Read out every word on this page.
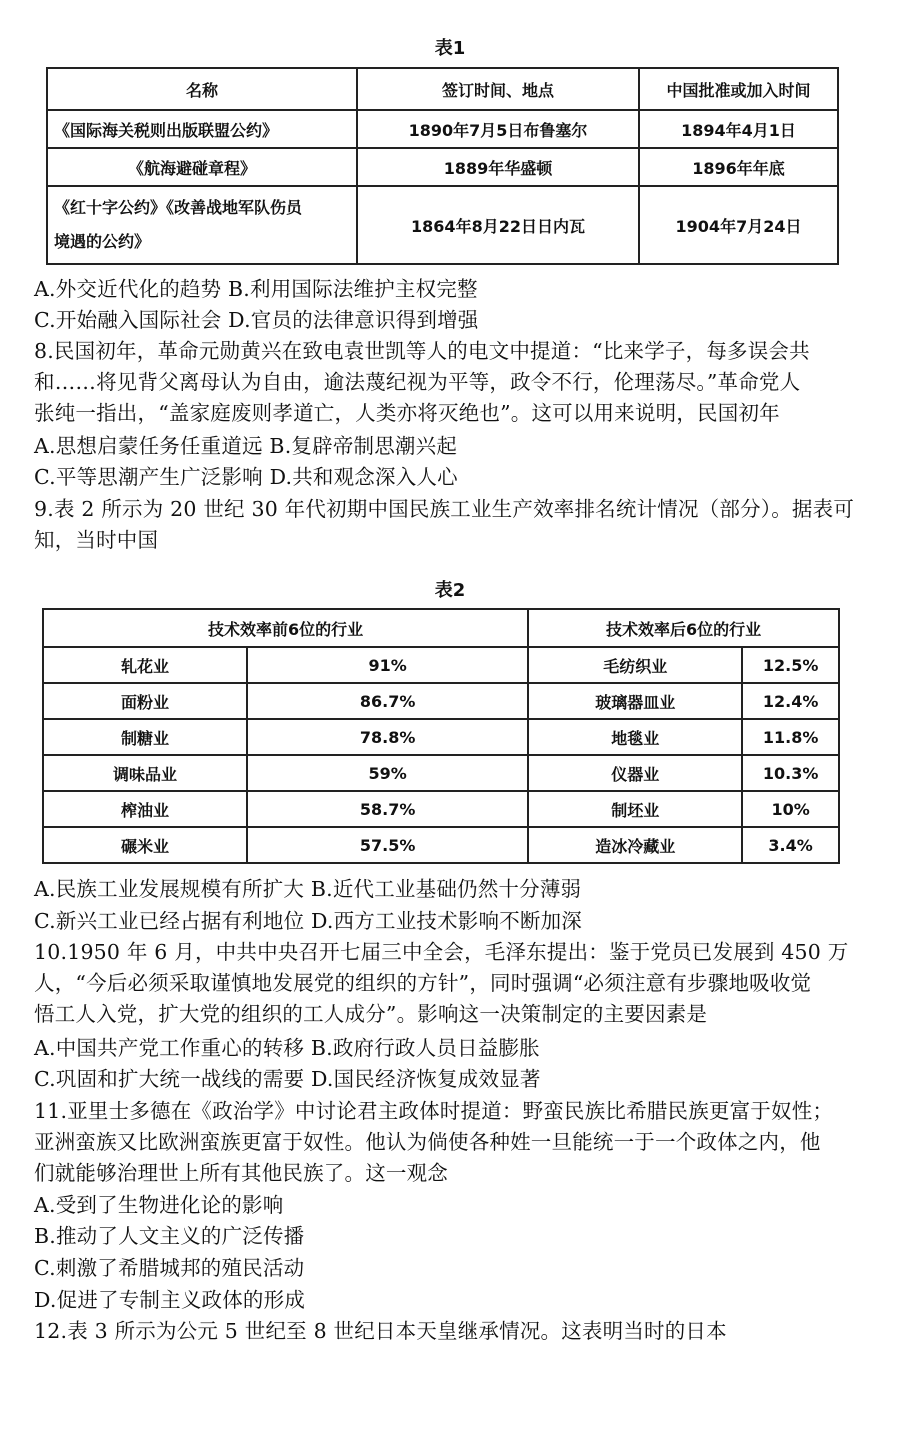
表1
名称	签订时间、地点	中国批准或加入时间
《国际海关税则出版联盟公约》	1890年7月5日布鲁塞尔	1894年4月1日
《航海避碰章程》	1889年华盛顿	1896年年底
《红十字公约》《改善战地军队伤员
境遇的公约》	1864年8月22日日内瓦	1904年7月24日
A.外交近代化的趋势 B.利用国际法维护主权完整
C.开始融入国际社会 D.官员的法律意识得到增强
8.民国初年，革命元勋黄兴在致电袁世凯等人的电文中提道：“比来学子，每多误会共
和……将见背父离母认为自由，逾法蔑纪视为平等，政令不行，伦理荡尽。”革命党人
张纯一指出，“盖家庭废则孝道亡，人类亦将灭绝也”。这可以用来说明，民国初年
A.思想启蒙任务任重道远 B.复辟帝制思潮兴起
C.平等思潮产生广泛影响 D.共和观念深入人心
9.表 2 所示为 20 世纪 30 年代初期中国民族工业生产效率排名统计情况（部分）。据表可
知，当时中国
表2
技术效率前6位的行业		技术效率后6位的行业	
轧花业	91%	毛纺织业	12.5%
面粉业	86.7%	玻璃器皿业	12.4%
制糖业	78.8%	地毯业	11.8%
调味品业	59%	仪器业	10.3%
榨油业	58.7%	制坯业	10%
碾米业	57.5%	造冰冷藏业	3.4%
A.民族工业发展规模有所扩大 B.近代工业基础仍然十分薄弱
C.新兴工业已经占据有利地位 D.西方工业技术影响不断加深
10.1950 年 6 月，中共中央召开七届三中全会，毛泽东提出：鉴于党员已发展到 450 万
人，“今后必须采取谨慎地发展党的组织的方针”，同时强调“必须注意有步骤地吸收觉
悟工人入党，扩大党的组织的工人成分”。影响这一决策制定的主要因素是
A.中国共产党工作重心的转移 B.政府行政人员日益膨胀
C.巩固和扩大统一战线的需要 D.国民经济恢复成效显著
11.亚里士多德在《政治学》中讨论君主政体时提道：野蛮民族比希腊民族更富于奴性；
亚洲蛮族又比欧洲蛮族更富于奴性。他认为倘使各种姓一旦能统一于一个政体之内，他
们就能够治理世上所有其他民族了。这一观念
A.受到了生物进化论的影响
B.推动了人文主义的广泛传播
C.刺激了希腊城邦的殖民活动
D.促进了专制主义政体的形成
12.表 3 所示为公元 5 世纪至 8 世纪日本天皇继承情况。这表明当时的日本
